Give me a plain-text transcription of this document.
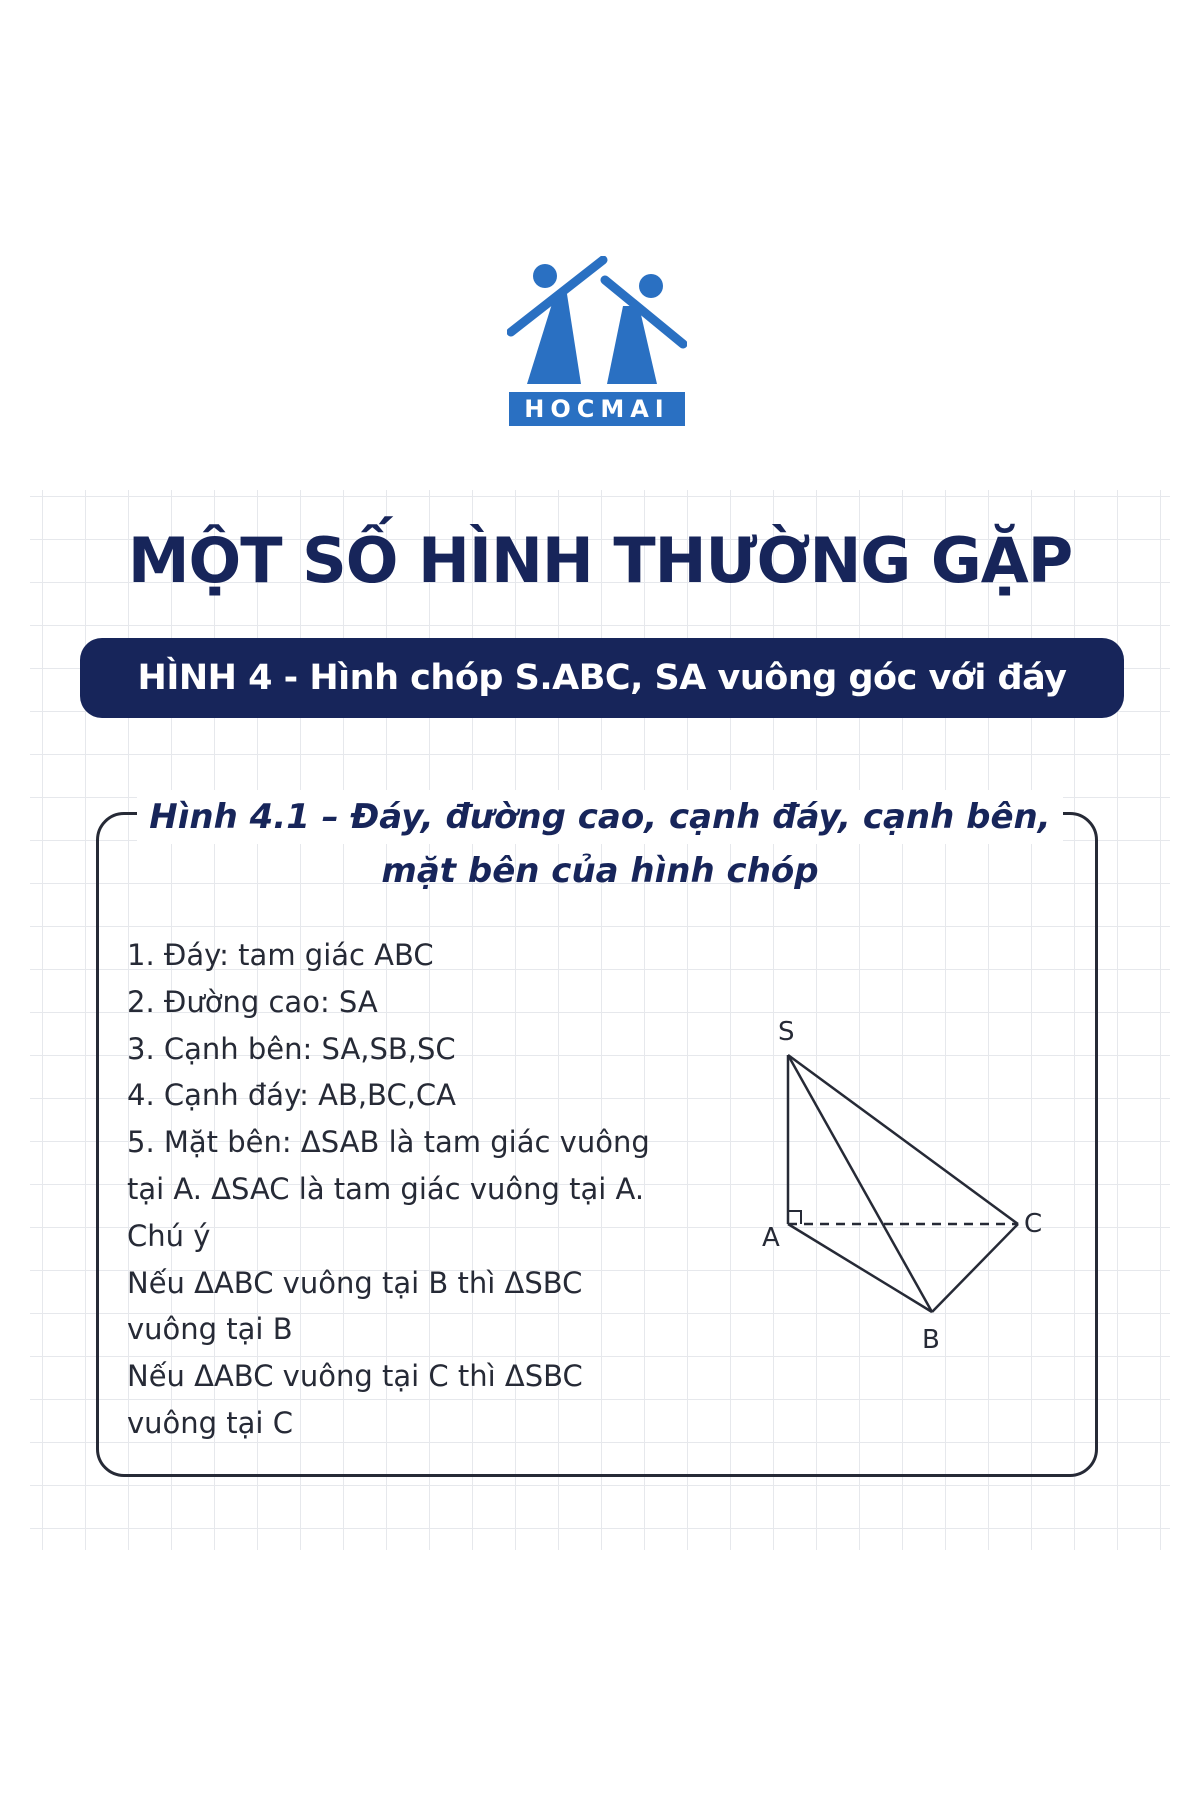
HOCMAI
MỘT SỐ HÌNH THƯỜNG GẶP
HÌNH 4 - Hình chóp S.ABC, SA vuông góc với đáy
Hình 4.1 – Đáy, đường cao, cạnh đáy, cạnh bên,
mặt bên của hình chóp
1. Đáy: tam giác ABC
2. Đường cao: SA
3. Cạnh bên: SA,SB,SC
4. Cạnh đáy: AB,BC,CA
5. Mặt bên: ΔSAB là tam giác vuông
tại A. ΔSAC là tam giác vuông tại A.
Chú ý
Nếu ΔABC vuông tại B thì ΔSBC
vuông tại B
Nếu ΔABC vuông tại C thì ΔSBC
vuông tại C
S
A
B
C
